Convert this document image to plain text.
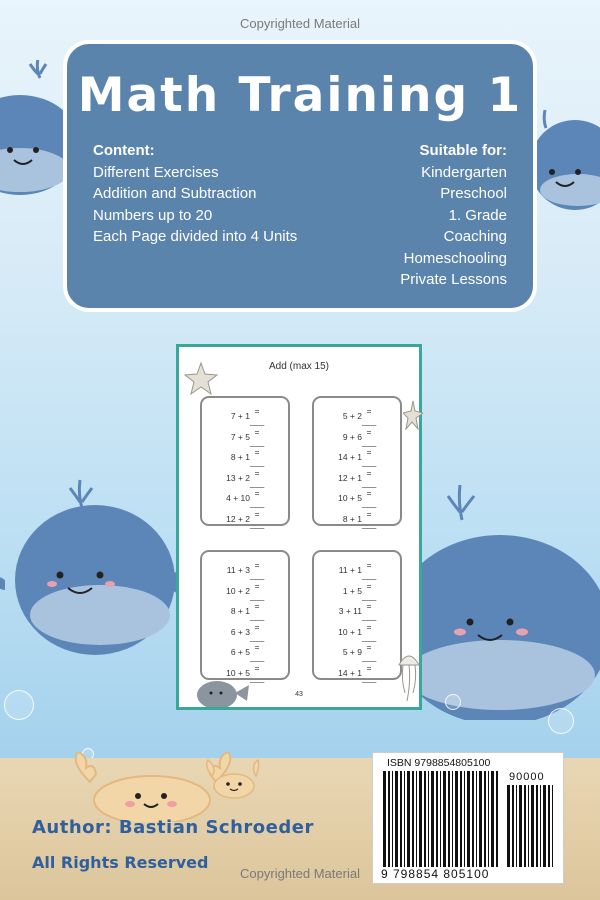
Copyrighted Material
Math Training 1
Content:
Different Exercises
Addition and Subtraction
Numbers up to 20
Each Page divided into 4 Units
Suitable for:
Kindergarten
Preschool
1. Grade
Coaching
Homeschooling
Private Lessons
Add (max 15)
7 + 1 = ___
7 + 5 = ___
8 + 1 = ___
13 + 2 = ___
4 + 10 = ___
12 + 2 = ___
5 + 2 = ___
9 + 6 = ___
14 + 1 = ___
12 + 1 = ___
10 + 5 = ___
8 + 1 = ___
11 + 3 = ___
10 + 2 = ___
8 + 1 = ___
6 + 3 = ___
6 + 5 = ___
10 + 5 = ___
11 + 1 = ___
1 + 5 = ___
3 + 11 = ___
10 + 1 = ___
5 + 9 = ___
14 + 1 = ___
43
Author: Bastian Schroeder
All Rights Reserved
ISBN 9798854805100
90000
9 798854 805100
Copyrighted Material
